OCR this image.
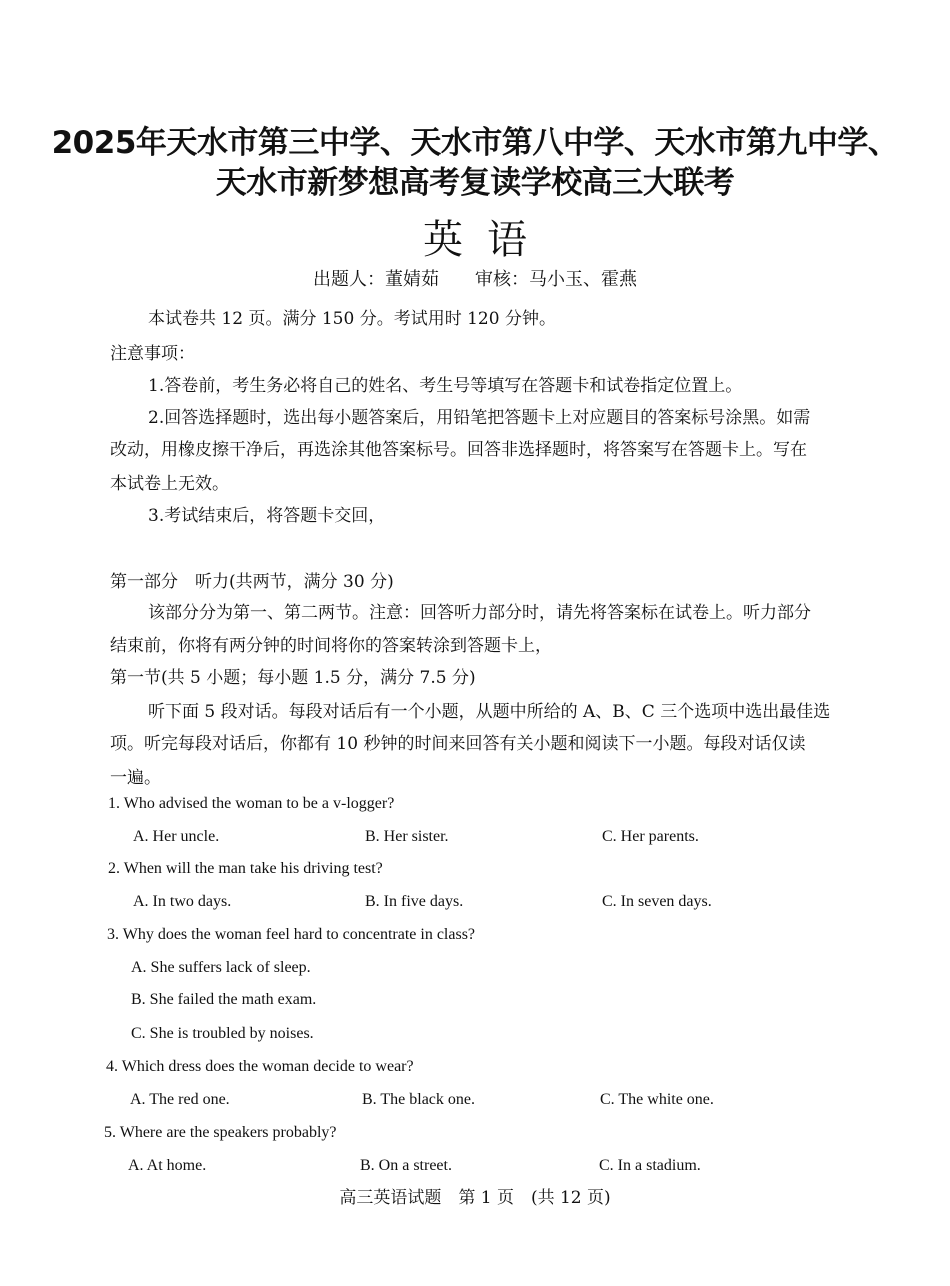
2025年天水市第三中学、天水市第八中学、天水市第九中学、
天水市新梦想高考复读学校高三大联考
英语
出题人：董婧茹　　审核：马小玉、霍燕
本试卷共 12 页。满分 150 分。考试用时 120 分钟。
注意事项：
1.答卷前，考生务必将自己的姓名、考生号等填写在答题卡和试卷指定位置上。
2.回答选择题时，选出每小题答案后，用铅笔把答题卡上对应题目的答案标号涂黑。如需
改动，用橡皮擦干净后，再选涂其他答案标号。回答非选择题时，将答案写在答题卡上。写在
本试卷上无效。
3.考试结束后，将答题卡交回，
第一部分　听力(共两节，满分 30 分)
该部分分为第一、第二两节。注意：回答听力部分时，请先将答案标在试卷上。听力部分
结束前，你将有两分钟的时间将你的答案转涂到答题卡上，
第一节(共 5 小题；每小题 1.5 分，满分 7.5 分)
听下面 5 段对话。每段对话后有一个小题，从题中所给的 A、B、C 三个选项中选出最佳选
项。听完每段对话后，你都有 10 秒钟的时间来回答有关小题和阅读下一小题。每段对话仅读
一遍。
1. Who advised the woman to be a v-logger?
A. Her uncle.	B. Her sister.	C. Her parents.
2. When will the man take his driving test?
A. In two days.	B. In five days.	C. In seven days.
3. Why does the woman feel hard to concentrate in class?
A. She suffers lack of sleep.
B. She failed the math exam.
C. She is troubled by noises.
4. Which dress does the woman decide to wear?
A. The red one.	B. The black one.	C. The white one.
5. Where are the speakers probably?
A. At home.	B. On a street.	C. In a stadium.
高三英语试题　第 1 页　(共 12 页)
